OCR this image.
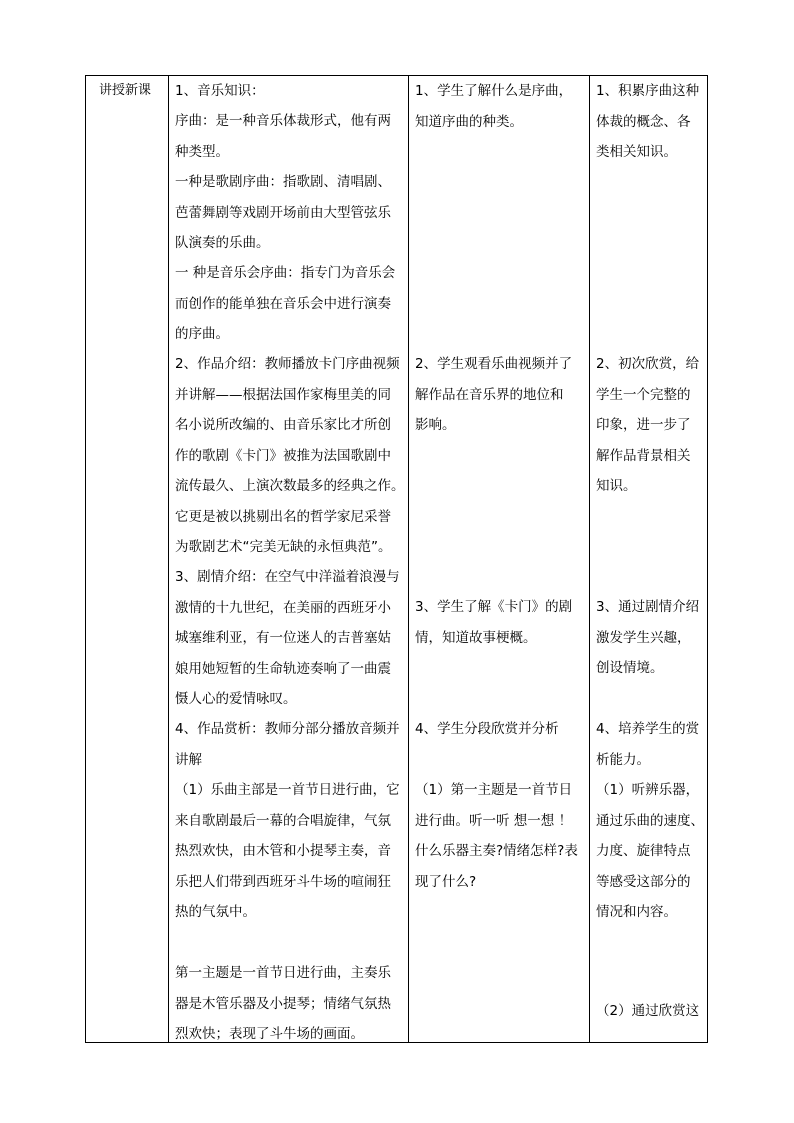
讲授新课 1、音乐知识：
序曲：是一种音乐体裁形式，他有两
种类型。
一种是歌剧序曲：指歌剧、清唱剧、
芭蕾舞剧等戏剧开场前由大型管弦乐
队演奏的乐曲。
一 种是音乐会序曲：指专门为音乐会
而创作的能单独在音乐会中进行演奏
的序曲。
2、作品介绍：教师播放卡门序曲视频
并讲解——根据法国作家梅里美的同
名小说所改编的、由音乐家比才所创
作的歌剧《卡门》被推为法国歌剧中
流传最久、上演次数最多的经典之作。
它更是被以挑剔出名的哲学家尼采誉
为歌剧艺术“完美无缺的永恒典范”。
3、剧情介绍：在空气中洋溢着浪漫与
激情的十九世纪，在美丽的西班牙小
城塞维利亚，有一位迷人的吉普塞姑
娘用她短暂的生命轨迹奏响了一曲震
慑人心的爱情咏叹。
4、作品赏析：教师分部分播放音频并
讲解
（1）乐曲主部是一首节日进行曲，它
来自歌剧最后一幕的合唱旋律，气氛
热烈欢快，由木管和小提琴主奏，音
乐把人们带到西班牙斗牛场的喧闹狂
热的气氛中。
第一主题是一首节日进行曲，主奏乐
器是木管乐器及小提琴；情绪气氛热
烈欢快；表现了斗牛场的画面。
1、学生了解什么是序曲，
知道序曲的种类。
2、学生观看乐曲视频并了
解作品在音乐界的地位和
影响。
3、学生了解《卡门》的剧
情，知道故事梗概。
4、学生分段欣赏并分析
（1）第一主题是一首节日
进行曲。听一听 想一想 ！
什么乐器主奏?情绪怎样?表
现了什么?
1、积累序曲这种
体裁的概念、各
类相关知识。
2、初次欣赏，给
学生一个完整的
印象，进一步了
解作品背景相关
知识。
3、通过剧情介绍
激发学生兴趣，
创设情境。
4、培养学生的赏
析能力。
（1）听辨乐器，
通过乐曲的速度、
力度、旋律特点
等感受这部分的
情况和内容。
（2）通过欣赏这
